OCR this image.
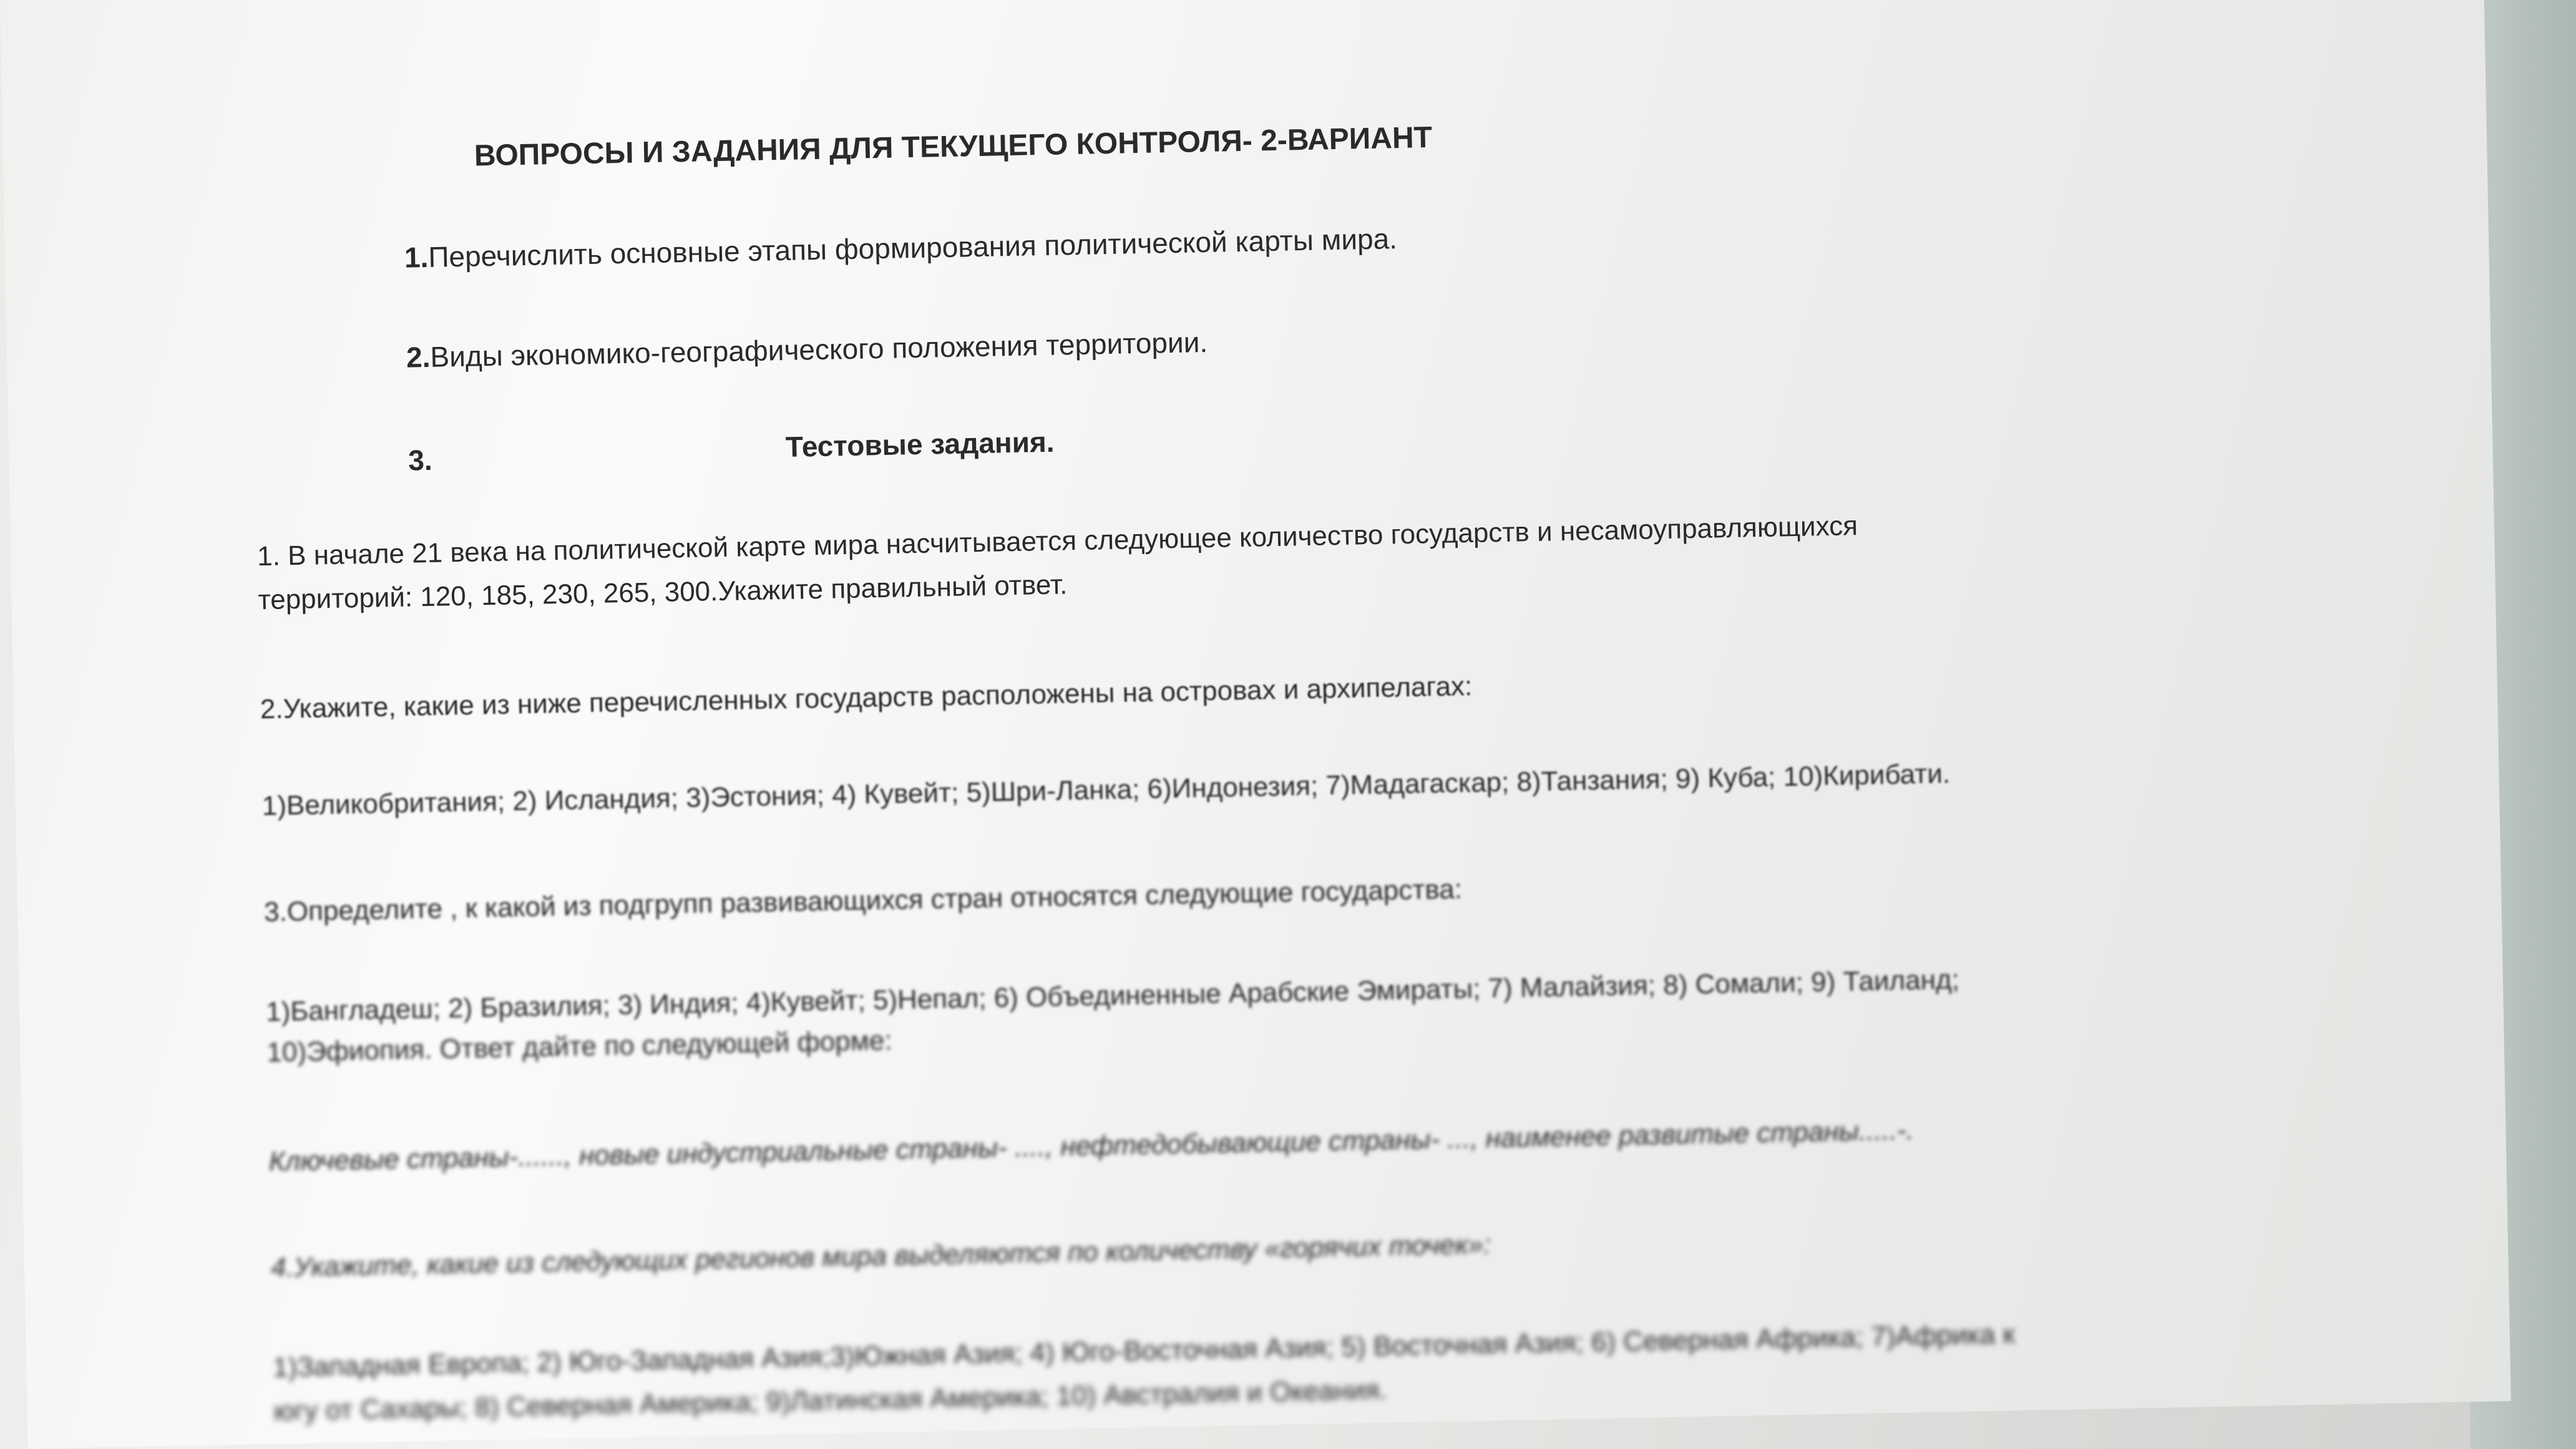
ВОПРОСЫ И ЗАДАНИЯ ДЛЯ ТЕКУЩЕГО КОНТРОЛЯ- 2-ВАРИАНТ
1.Перечислить основные этапы формирования политической карты мира.
2.Виды экономико-географического положения территории.
3.	Тестовые задания.
1. В начале 21 века на политической карте мира насчитывается следующее количество государств и несамоуправляющихся
территорий: 120, 185, 230, 265, 300.Укажите правильный ответ.
2.Укажите, какие из ниже перечисленных государств расположены на островах и архипелагах:
1)Великобритания; 2) Исландия; 3)Эстония; 4) Кувейт; 5)Шри-Ланка; 6)Индонезия; 7)Мадагаскар; 8)Танзания; 9) Куба; 10)Кирибати.
3.Определите , к какой из подгрупп развивающихся стран относятся следующие государства:
1)Бангладеш; 2) Бразилия; 3) Индия; 4)Кувейт; 5)Непал; 6) Объединенные Арабские Эмираты; 7) Малайзия; 8) Сомали; 9) Таиланд;
10)Эфиопия. Ответ дайте по следующей форме:
Ключевые страны-......, новые индустриальные страны- ...., нефтедобывающие страны- ..., наименее развитые страны.....-.
4.Укажите, какие из следующих регионов мира выделяются по количеству «горячих точек»:
1)Западная Европа; 2) Юго-Западная Азия;3)Южная Азия; 4) Юго-Восточная Азия; 5) Восточная Азия; 6) Северная Африка; 7)Африка к
югу от Сахары; 8) Северная Америка; 9)Латинская Америка; 10) Австралия и Океания.
